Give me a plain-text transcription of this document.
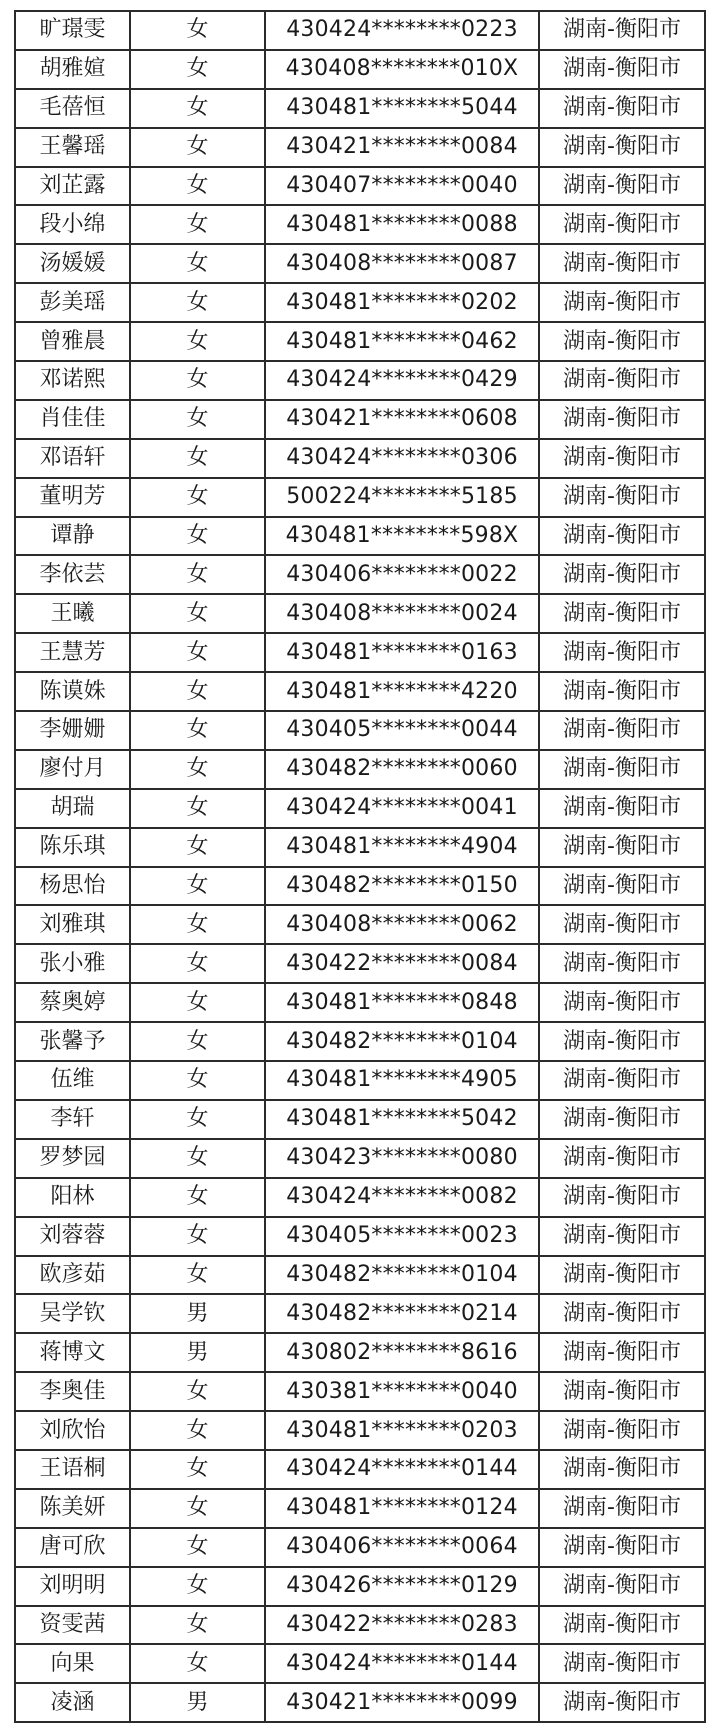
旷璟雯	女	430424********0223	湖南-衡阳市
胡雅媗	女	430408********010X	湖南-衡阳市
毛蓓恒	女	430481********5044	湖南-衡阳市
王馨瑶	女	430421********0084	湖南-衡阳市
刘芷露	女	430407********0040	湖南-衡阳市
段小绵	女	430481********0088	湖南-衡阳市
汤媛媛	女	430408********0087	湖南-衡阳市
彭美瑶	女	430481********0202	湖南-衡阳市
曾雅晨	女	430481********0462	湖南-衡阳市
邓诺熙	女	430424********0429	湖南-衡阳市
肖佳佳	女	430421********0608	湖南-衡阳市
邓语轩	女	430424********0306	湖南-衡阳市
董明芳	女	500224********5185	湖南-衡阳市
谭静	女	430481********598X	湖南-衡阳市
李依芸	女	430406********0022	湖南-衡阳市
王曦	女	430408********0024	湖南-衡阳市
王慧芳	女	430481********0163	湖南-衡阳市
陈谟姝	女	430481********4220	湖南-衡阳市
李姗姗	女	430405********0044	湖南-衡阳市
廖付月	女	430482********0060	湖南-衡阳市
胡瑞	女	430424********0041	湖南-衡阳市
陈乐琪	女	430481********4904	湖南-衡阳市
杨思怡	女	430482********0150	湖南-衡阳市
刘雅琪	女	430408********0062	湖南-衡阳市
张小雅	女	430422********0084	湖南-衡阳市
蔡奥婷	女	430481********0848	湖南-衡阳市
张馨予	女	430482********0104	湖南-衡阳市
伍维	女	430481********4905	湖南-衡阳市
李轩	女	430481********5042	湖南-衡阳市
罗梦园	女	430423********0080	湖南-衡阳市
阳林	女	430424********0082	湖南-衡阳市
刘蓉蓉	女	430405********0023	湖南-衡阳市
欧彦茹	女	430482********0104	湖南-衡阳市
吴学钦	男	430482********0214	湖南-衡阳市
蒋博文	男	430802********8616	湖南-衡阳市
李奥佳	女	430381********0040	湖南-衡阳市
刘欣怡	女	430481********0203	湖南-衡阳市
王语桐	女	430424********0144	湖南-衡阳市
陈美妍	女	430481********0124	湖南-衡阳市
唐可欣	女	430406********0064	湖南-衡阳市
刘明明	女	430426********0129	湖南-衡阳市
资雯茜	女	430422********0283	湖南-衡阳市
向果	女	430424********0144	湖南-衡阳市
凌涵	男	430421********0099	湖南-衡阳市
